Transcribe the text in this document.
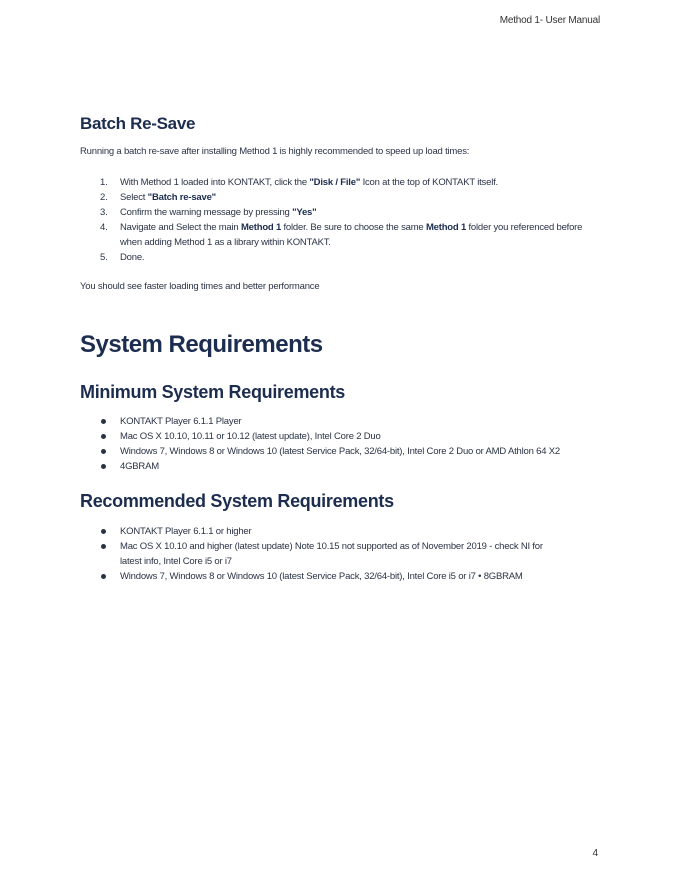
Method 1- User Manual
Batch Re-Save

Running a batch re-save after installing Method 1 is highly recommended to speed up load times:

1. With Method 1 loaded into KONTAKT, click the "Disk / File" Icon at the top of KONTAKT itself.
2. Select "Batch re-save"
3. Confirm the warning message by pressing "Yes"
4. Navigate and Select the main Method 1 folder. Be sure to choose the same Method 1 folder you referenced before when adding Method 1 as a library within KONTAKT.
5. Done.

You should see faster loading times and better performance

System Requirements
Minimum System Requirements
KONTAKT Player 6.1.1 Player
Mac OS X 10.10, 10.11 or 10.12 (latest update), Intel Core 2 Duo
Windows 7, Windows 8 or Windows 10 (latest Service Pack, 32/64-bit), Intel Core 2 Duo or AMD Athlon 64 X2
4GBRAM
Recommended System Requirements
KONTAKT Player 6.1.1 or higher
Mac OS X 10.10 and higher (latest update) Note 10.15 not supported as of November 2019 - check NI for latest info, Intel Core i5 or i7
Windows 7, Windows 8 or Windows 10 (latest Service Pack, 32/64-bit), Intel Core i5 or i7 • 8GBRAM
4
